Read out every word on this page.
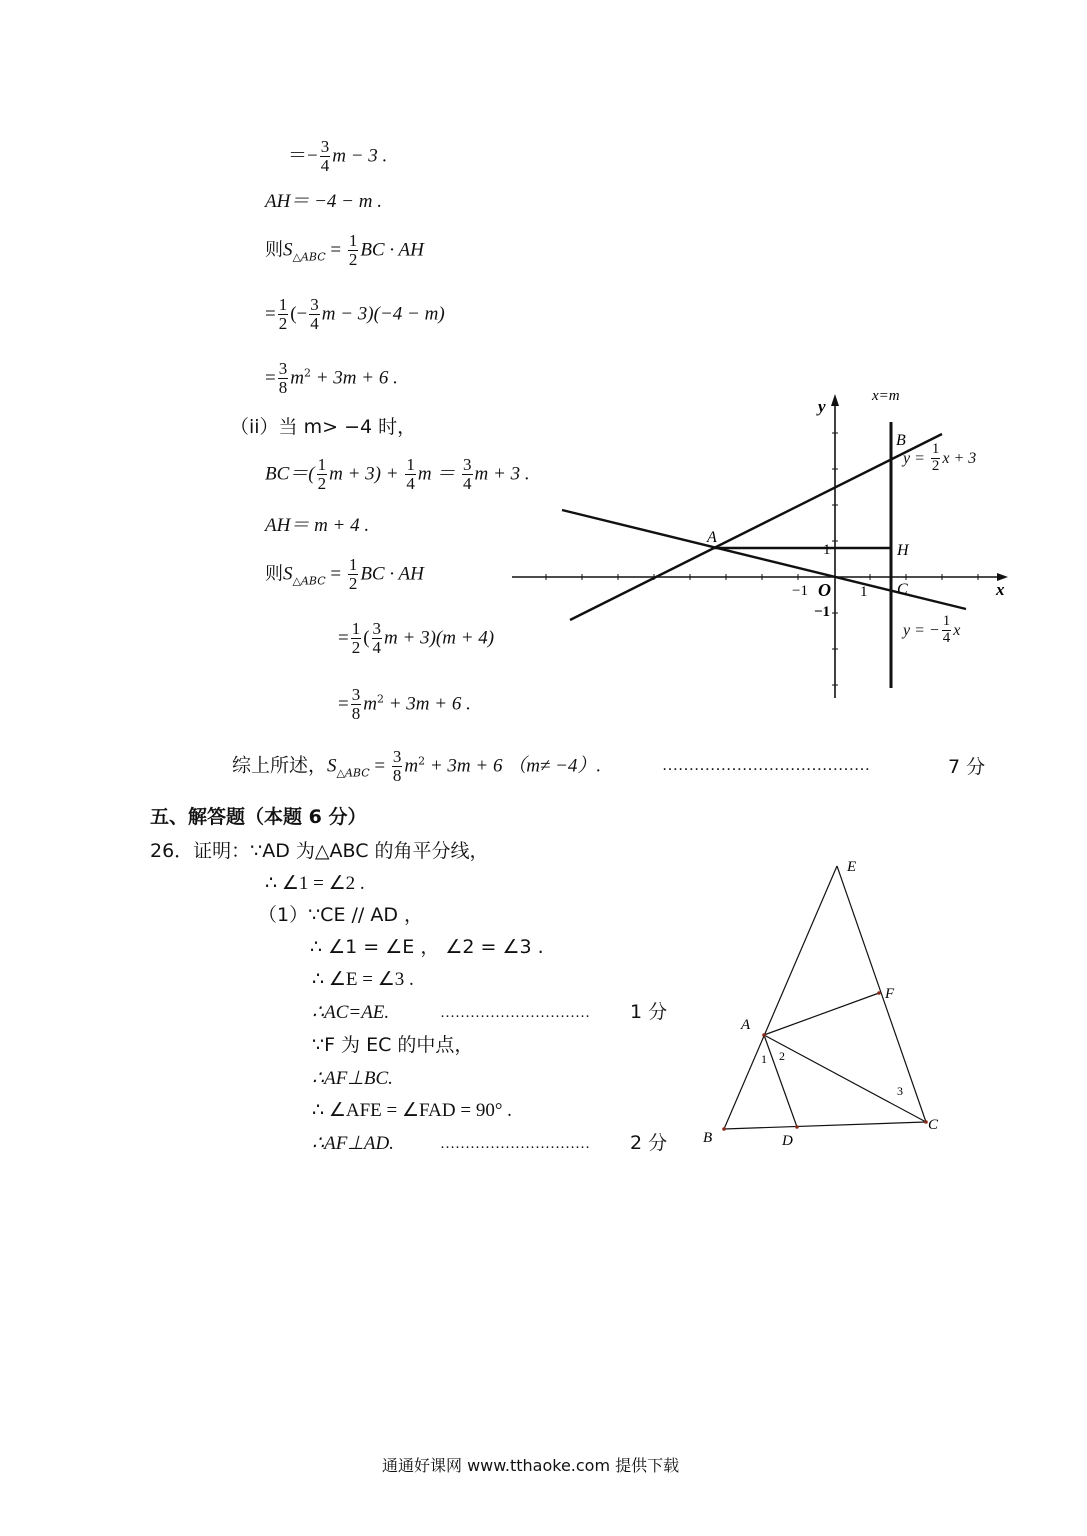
＝− $\frac{3}{4}$ m − 3 .
AH＝ −4 − m .
则$S_{\triangle ABC} = \frac{1}{2}$ BC · AH
= $\frac{1}{2}$ (− $\frac{3}{4}$ m − 3)(−4 − m)
= $\frac{3}{8} m^2 + 3m + 6$ .
（ii）当 m> −4 时，
$BC=( \frac{1}{2}$ $m + 3) + \frac{1}{4}$ $m = \frac{3}{4}$ m + 3 .
AH＝ m + 4 .
则$S_{\triangle ABC} = \frac{1}{2}$ BC · AH
= $\frac{1}{2}$ ( $\frac{3}{4}$ m + 3)(m + 4)
= $\frac{3}{8} m^2 + 3m + 6$ .
综上所述，$S_{\triangle ABC} = \frac{3}{8} m^2 + 3m + 6$ （m≠ −4）.	…………………………………	7 分
y
x
x=m
B
A
H
C
O
1
−1	1
−1
$y = \frac{1}{2}$ x + 3
y = − $\frac{1}{4}$ x
五、解答题（本题 6 分）
26．证明：∵AD 为△ABC 的角平分线，
∴ ∠1 = ∠2 .
（1）∵CE // AD ，
∴ ∠1 = ∠E ， ∠2 = ∠3 .
∴ ∠E = ∠3 .
∴AC=AE.	………………………… 1 分
∵F 为 EC 的中点，
∴AF⊥BC.
∴ ∠AFE = ∠FAD = 90° .
∴AF⊥AD.	………………………… 2 分
E
F
A
B	D
C
1 2
3
通通好课网 www.tthaoke.com 提供下载
